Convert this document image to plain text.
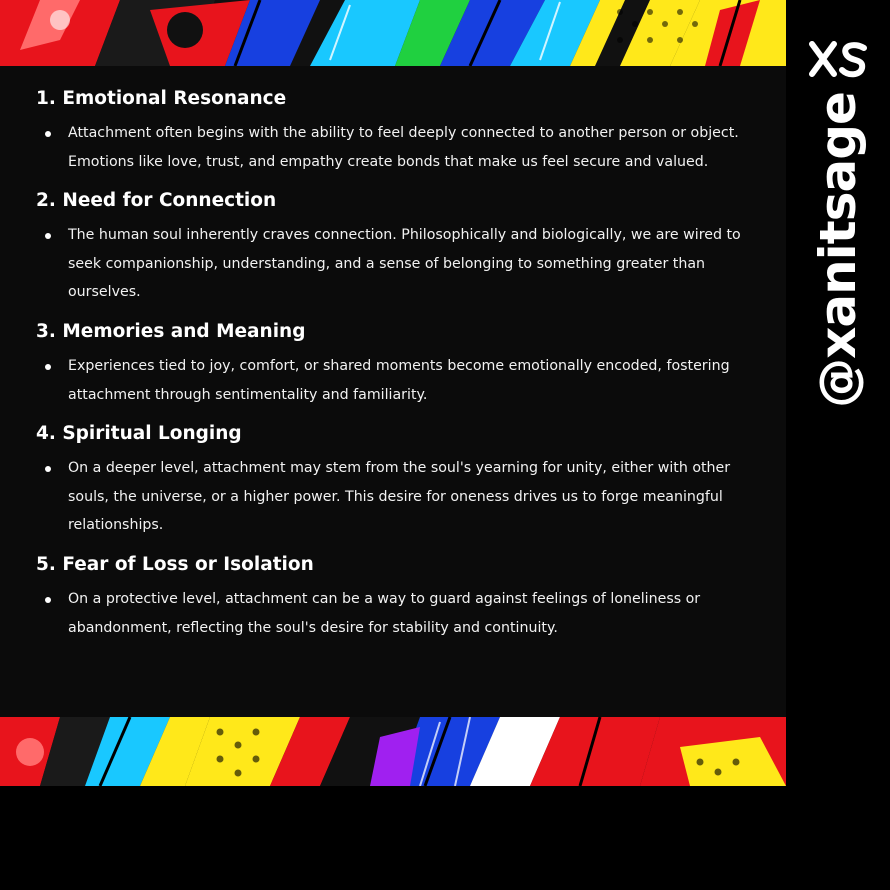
1. Emotional Resonance
Attachment often begins with the ability to feel deeply connected to another person or object. Emotions like love, trust, and empathy create bonds that make us feel secure and valued.
2. Need for Connection
The human soul inherently craves connection. Philosophically and biologically, we are wired to seek companionship, understanding, and a sense of belonging to something greater than ourselves.
3. Memories and Meaning
Experiences tied to joy, comfort, or shared moments become emotionally encoded, fostering attachment through sentimentality and familiarity.
4. Spiritual Longing
On a deeper level, attachment may stem from the soul's yearning for unity, either with other souls, the universe, or a higher power. This desire for oneness drives us to forge meaningful relationships.
5. Fear of Loss or Isolation
On a protective level, attachment can be a way to guard against feelings of loneliness or abandonment, reflecting the soul's desire for stability and continuity.
@xanitsage
